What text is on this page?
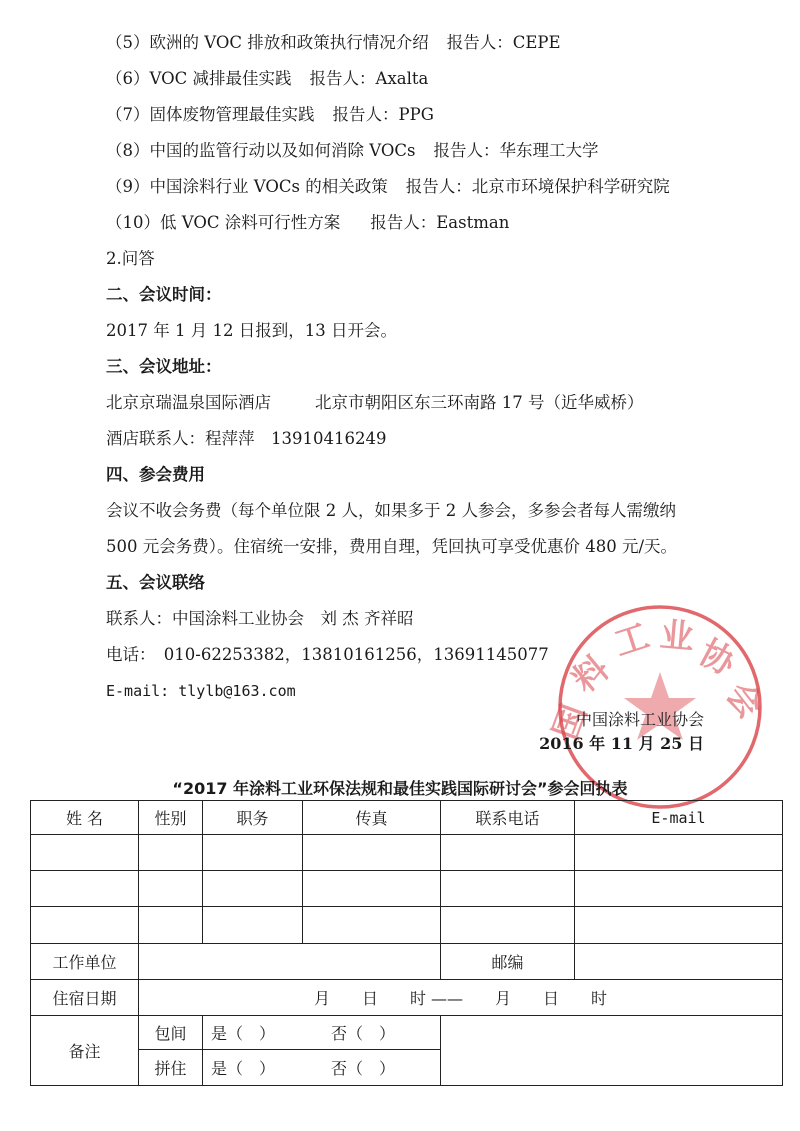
（5）欧洲的 VOC 排放和政策执行情况介绍 报告人：CEPE
（6）VOC 减排最佳实践 报告人：Axalta
（7）固体废物管理最佳实践 报告人：PPG
（8）中国的监管行动以及如何消除 VOCs 报告人：华东理工大学
（9）中国涂料行业 VOCs 的相关政策 报告人：北京市环境保护科学研究院
（10）低 VOC 涂料可行性方案 报告人：Eastman
2.问答
二、会议时间：
2017 年 1 月 12 日报到，13 日开会。
三、会议地址：
北京京瑞温泉国际酒店	北京市朝阳区东三环南路 17 号（近华威桥）
酒店联系人：程萍萍　13910416249
四、参会费用
会议不收会务费（每个单位限 2 人，如果多于 2 人参会，多参会者每人需缴纳
500 元会务费）。住宿统一安排，费用自理，凭回执可享受优惠价 480 元/天。
五、会议联络
联系人：中国涂料工业协会　刘 杰 齐祥昭
电话：　010-62253382，13810161256，13691145077
E-mail: tlylb@163.com	料
工 业
协
会
国
中国涂料工业协会
2016 年 11 月 25 日
“2017 年涂料工业环保法规和最佳实践国际研讨会”参会回执表
姓 名	性别	职务	传真	联系电话	E-mail

工作单位				邮编	
住宿日期	月　　日　　时 ——　　月　　日　　时				
备注	包间	是（　） 否（　）			
	拼住	是（　） 否（　）			
